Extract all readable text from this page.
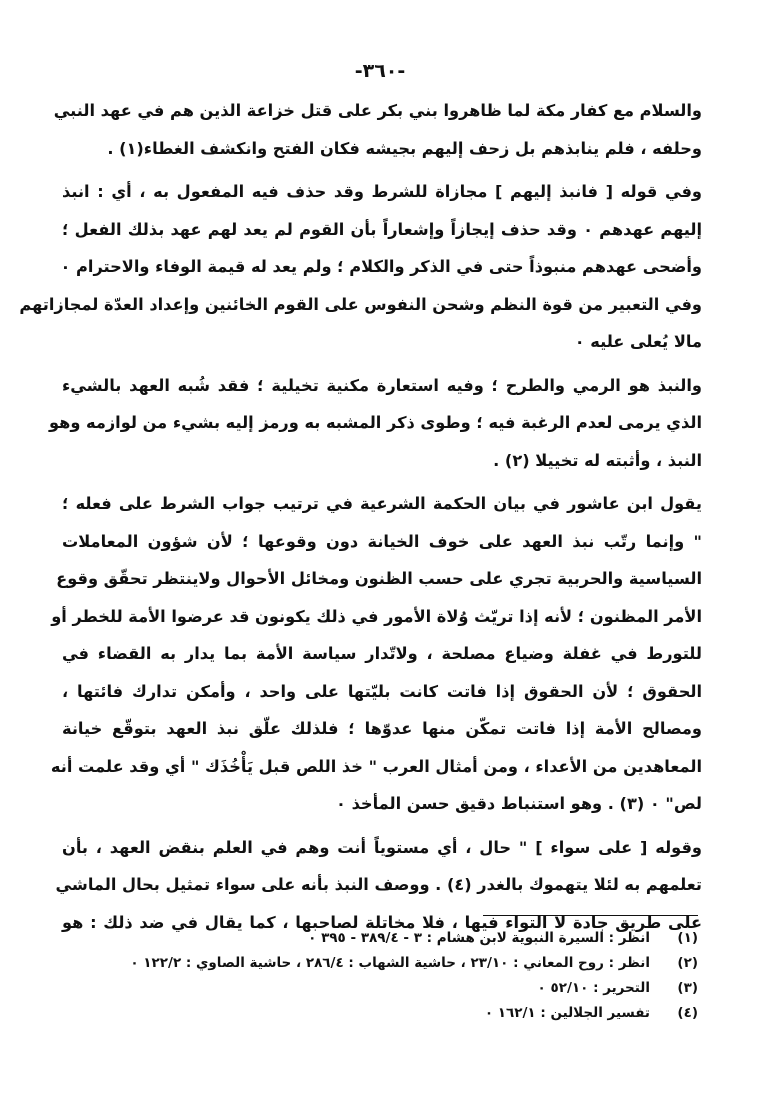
-٣٦٠-
والسلام مع كفار مكة لما ظاهروا بني بكر على قتل خزاعة الذين هم في عهد النبي
وحلفه ، فلم ينابذهم بل زحف إليهم بجيشه فكان الفتح وانكشف الغطاء(١) .
وفي قوله [ فانبذ إليهم ] مجازاة للشرط وقد حذف فيه المفعول به ، أي : انبذ
إليهم عهدهم ٠ وقد حذف إيجازاً وإشعاراً بأن القوم لم يعد لهم عهد بذلك الفعل ؛
وأضحى عهدهم منبوذاً حتى في الذكر والكلام ؛ ولم يعد له قيمة الوفاء والاحترام ٠
وفي التعبير من قوة النظم وشحن النفوس على القوم الخائنين وإعداد العدّة لمجازاتهم
مالا يُعلى عليه ٠
والنبذ هو الرمي والطرح ؛ وفيه استعارة مكنية تخيلية ؛ فقد شُبه العهد بالشيء
الذي يرمى لعدم الرغبة فيه ؛ وطوى ذكر المشبه به ورمز إليه بشيء من لوازمه وهو
النبذ ، وأثبته له تخييلا (٢) .
يقول ابن عاشور في بيان الحكمة الشرعية في ترتيب جواب الشرط على فعله ؛
" وإنما رتّب نبذ العهد على خوف الخيانة دون وقوعها ؛ لأن شؤون المعاملات
السياسية والحربية تجري على حسب الظنون ومخائل الأحوال ولاينتظر تحقّق وقوع
الأمر المظنون ؛ لأنه إذا تريّث وُلاة الأمور في ذلك يكونون قد عرضوا الأمة للخطر أو
للتورط في غفلة وضياع مصلحة ، ولاتّدار سياسة الأمة بما يدار به القضاء في
الحقوق ؛ لأن الحقوق إذا فاتت كانت بليّتها على واحد ، وأمكن تدارك فائتها ،
ومصالح الأمة إذا فاتت تمكّن منها عدوّها ؛ فلذلك علّق نبذ العهد بتوقّع خيانة
المعاهدين من الأعداء ، ومن أمثال العرب " خذ اللص قبل يَأْخُذَك " أي وقد علمت أنه
لص" ٠ (٣) . وهو استنباط دقيق حسن المأخذ ٠
وقوله [ على سواء ] " حال ، أي مستوياً أنت وهم في العلم بنقض العهد ، بأن
تعلمهم به لئلا يتهموك بالغدر (٤) . ووصف النبذ بأنه على سواء تمثيل بحال الماشي
على طريق جادة لا التواء فيها ، فلا مخاتلة لصاحبها ، كما يقال في ضد ذلك : هو
(١)
انظر : السيرة النبوية لابن هشام : ٣ - ٣٨٩/٤ - ٣٩٥ ٠
(٢)
انظر : روح المعاني : ٢٣/١٠ ، حاشية الشهاب : ٢٨٦/٤ ، حاشية الصاوي : ١٢٢/٢ ٠
(٣)
التحرير : ٥٢/١٠ ٠
(٤)
تفسير الجلالين : ١٦٢/١ ٠
